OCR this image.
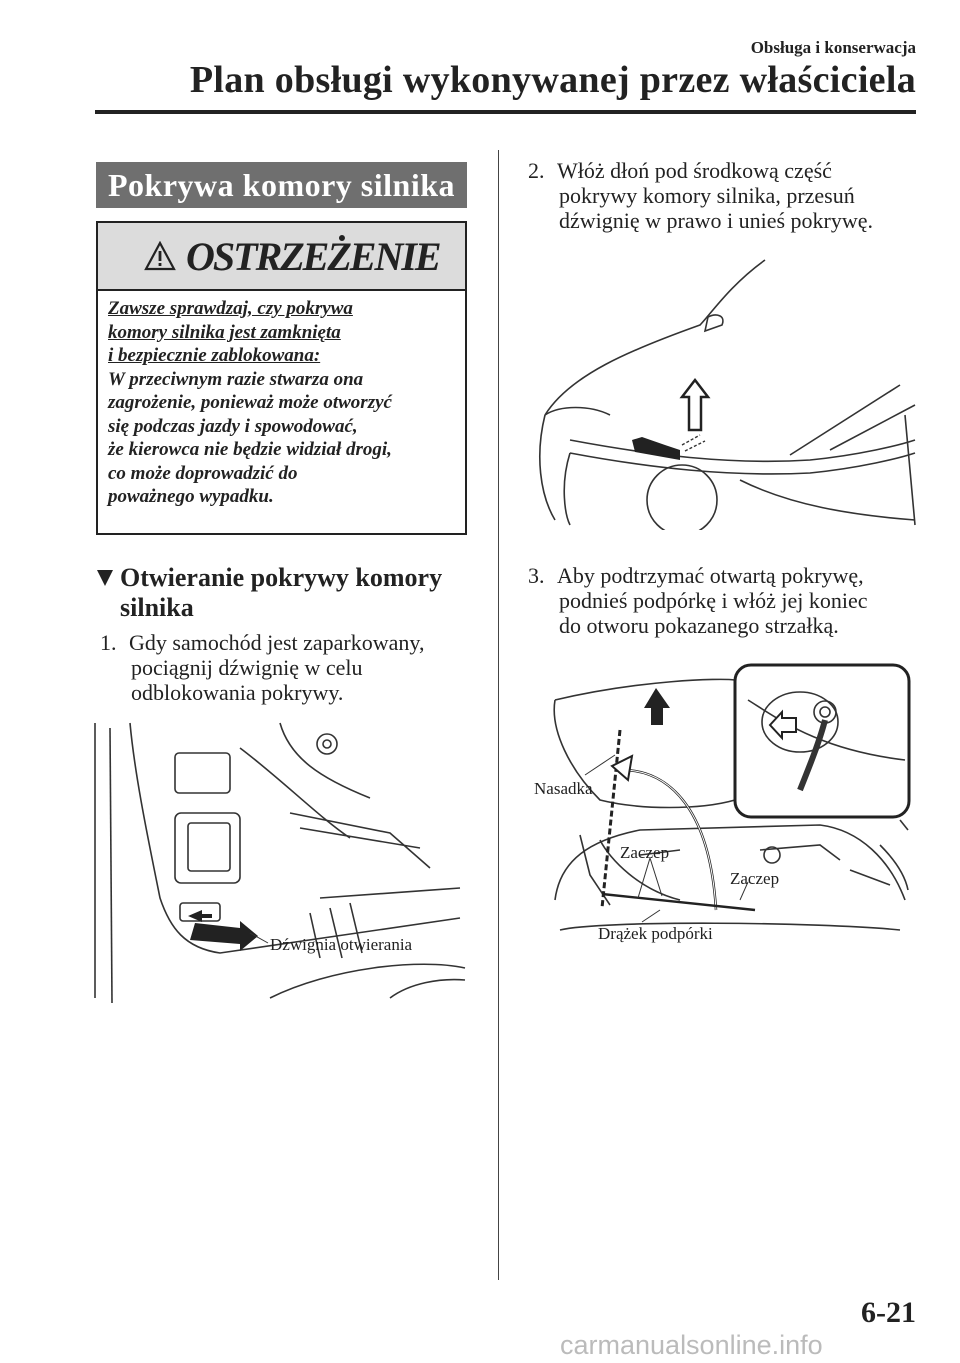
Obsługa i konserwacja
Plan obsługi wykonywanej przez właściciela
Pokrywa komory silnika
OSTRZEŻENIE
Zawsze sprawdzaj, czy pokrywa
komory silnika jest zamknięta
i bezpiecznie zablokowana:
W przeciwnym razie stwarza ona
zagrożenie, ponieważ może otworzyć
się podczas jazdy i spowodować,
że kierowca nie będzie widział drogi,
co może doprowadzić do
poważnego wypadku.
Otwieranie pokrywy komory
silnika
1. Gdy samochód jest zaparkowany,
pociągnij dźwignię w celu
odblokowania pokrywy.
Dźwignia otwierania
2. Włóż dłoń pod środkową część
pokrywy komory silnika, przesuń
dźwignię w prawo i unieś pokrywę.
3. Aby podtrzymać otwartą pokrywę,
podnieś podpórkę i włóż jej koniec
do otworu pokazanego strzałką.
Nasadka
Zaczep
Zaczep
Drążek podpórki
6-21
carmanualsonline.info
